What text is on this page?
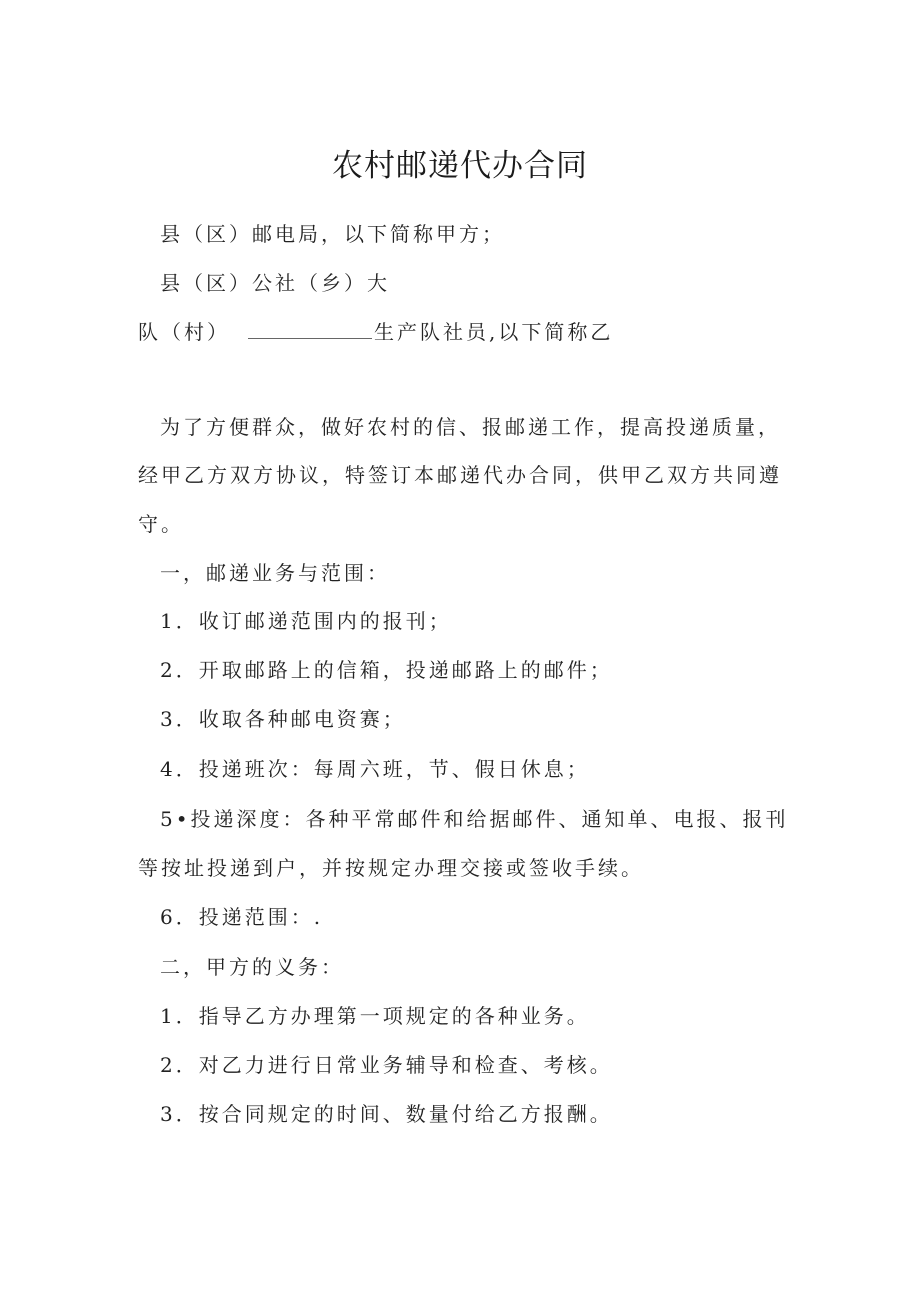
农村邮递代办合同
县（区）邮电局，以下简称甲方；
县（区）公社（乡）大
队（村）	生产队社员,以下简称乙
为了方便群众，做好农村的信、报邮递工作，提高投递质量，
经甲乙方双方协议，特签订本邮递代办合同，供甲乙双方共同遵
守。
一，邮递业务与范围：
1．收订邮递范围内的报刊；
2．开取邮路上的信箱，投递邮路上的邮件；
3．收取各种邮电资赛；
4．投递班次：每周六班，节、假日休息；
5•投递深度：各种平常邮件和给据邮件、通知单、电报、报刊
等按址投递到户，并按规定办理交接或签收手续。
6．投递范围：.
二，甲方的义务：
1．指导乙方办理第一项规定的各种业务。
2．对乙力进行日常业务辅导和检查、考核。
3．按合同规定的时间、数量付给乙方报酬。
